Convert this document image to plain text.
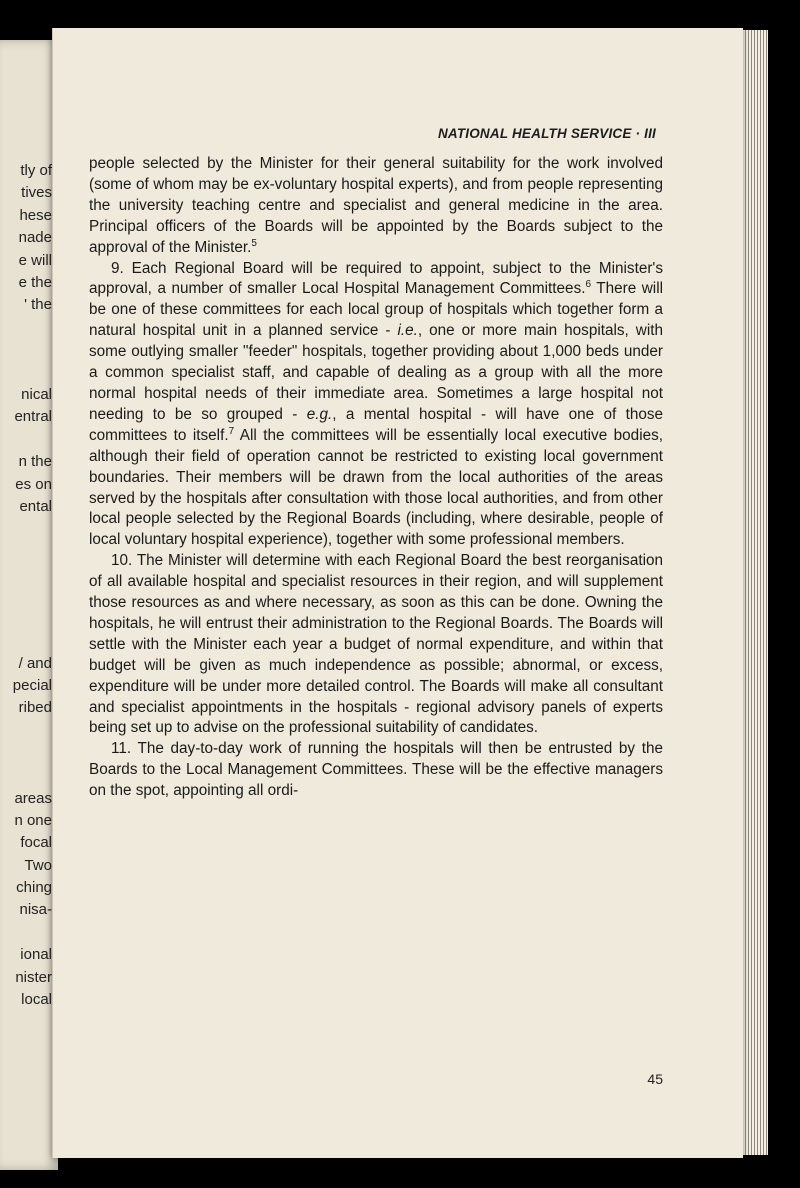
tly of
tives
hese
nade
e will
e the
' the
nical
entral
n the
es on
ental
/ and
pecial
ribed
areas
n one
focal
Two
ching
nisa-
ional
nister
local
NATIONAL HEALTH SERVICE · III

people selected by the Minister for their general suitability for the work involved (some of whom may be ex-voluntary hospital experts), and from people representing the university teaching centre and specialist and general medicine in the area. Principal officers of the Boards will be appointed by the Boards subject to the approval of the Minister.$^5$

9. Each Regional Board will be required to appoint, subject to the Minister's approval, a number of smaller Local Hospital Management Committees.$^6$ There will be one of these committees for each local group of hospitals which together form a natural hospital unit in a planned service - i.e., one or more main hospitals, with some outlying smaller "feeder" hospitals, together providing about 1,000 beds under a common specialist staff, and capable of dealing as a group with all the more normal hospital needs of their immediate area. Sometimes a large hospital not needing to be so grouped - e.g., a mental hospital - will have one of those committees to itself.$^7$ All the committees will be essentially local executive bodies, although their field of operation cannot be restricted to existing local government boundaries. Their members will be drawn from the local authorities of the areas served by the hospitals after consultation with those local authorities, and from other local people selected by the Regional Boards (including, where desirable, people of local voluntary hospital experience), together with some professional members.

10. The Minister will determine with each Regional Board the best reorganisation of all available hospital and specialist resources in their region, and will supplement those resources as and where necessary, as soon as this can be done. Owning the hospitals, he will entrust their administration to the Regional Boards. The Boards will settle with the Minister each year a budget of normal expenditure, and within that budget will be given as much independence as possible; abnormal, or excess, expenditure will be under more detailed control. The Boards will make all consultant and specialist appointments in the hospitals - regional advisory panels of experts being set up to advise on the professional suitability of candidates.

11. The day-to-day work of running the hospitals will then be entrusted by the Boards to the Local Management Committees. These will be the effective managers on the spot, appointing all ordi-

45
